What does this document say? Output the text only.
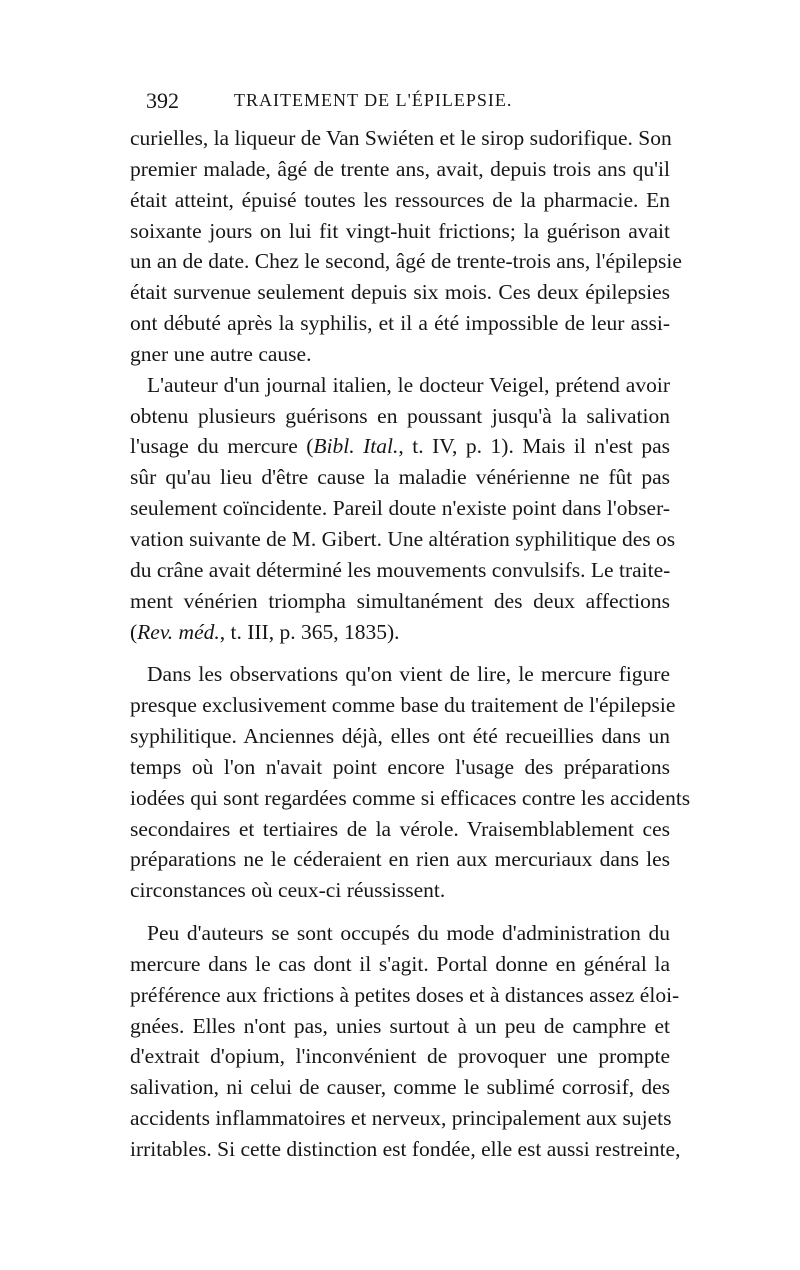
392	TRAITEMENT DE L'ÉPILEPSIE.
curielles, la liqueur de Van Swiéten et le sirop sudorifique. Son
premier malade, âgé de trente ans, avait, depuis trois ans qu'il
était atteint, épuisé toutes les ressources de la pharmacie. En
soixante jours on lui fit vingt-huit frictions; la guérison avait
un an de date. Chez le second, âgé de trente-trois ans, l'épilepsie
était survenue seulement depuis six mois. Ces deux épilepsies
ont débuté après la syphilis, et il a été impossible de leur assi-
gner une autre cause.
L'auteur d'un journal italien, le docteur Veigel, prétend avoir
obtenu plusieurs guérisons en poussant jusqu'à la salivation
l'usage du mercure (Bibl. Ital., t. IV, p. 1). Mais il n'est pas
sûr qu'au lieu d'être cause la maladie vénérienne ne fût pas
seulement coïncidente. Pareil doute n'existe point dans l'obser-
vation suivante de M. Gibert. Une altération syphilitique des os
du crâne avait déterminé les mouvements convulsifs. Le traite-
ment vénérien triompha simultanément des deux affections
(Rev. méd., t. III, p. 365, 1835).
Dans les observations qu'on vient de lire, le mercure figure
presque exclusivement comme base du traitement de l'épilepsie
syphilitique. Anciennes déjà, elles ont été recueillies dans un
temps où l'on n'avait point encore l'usage des préparations
iodées qui sont regardées comme si efficaces contre les accidents
secondaires et tertiaires de la vérole. Vraisemblablement ces
préparations ne le céderaient en rien aux mercuriaux dans les
circonstances où ceux-ci réussissent.
Peu d'auteurs se sont occupés du mode d'administration du
mercure dans le cas dont il s'agit. Portal donne en général la
préférence aux frictions à petites doses et à distances assez éloi-
gnées. Elles n'ont pas, unies surtout à un peu de camphre et
d'extrait d'opium, l'inconvénient de provoquer une prompte
salivation, ni celui de causer, comme le sublimé corrosif, des
accidents inflammatoires et nerveux, principalement aux sujets
irritables. Si cette distinction est fondée, elle est aussi restreinte,
